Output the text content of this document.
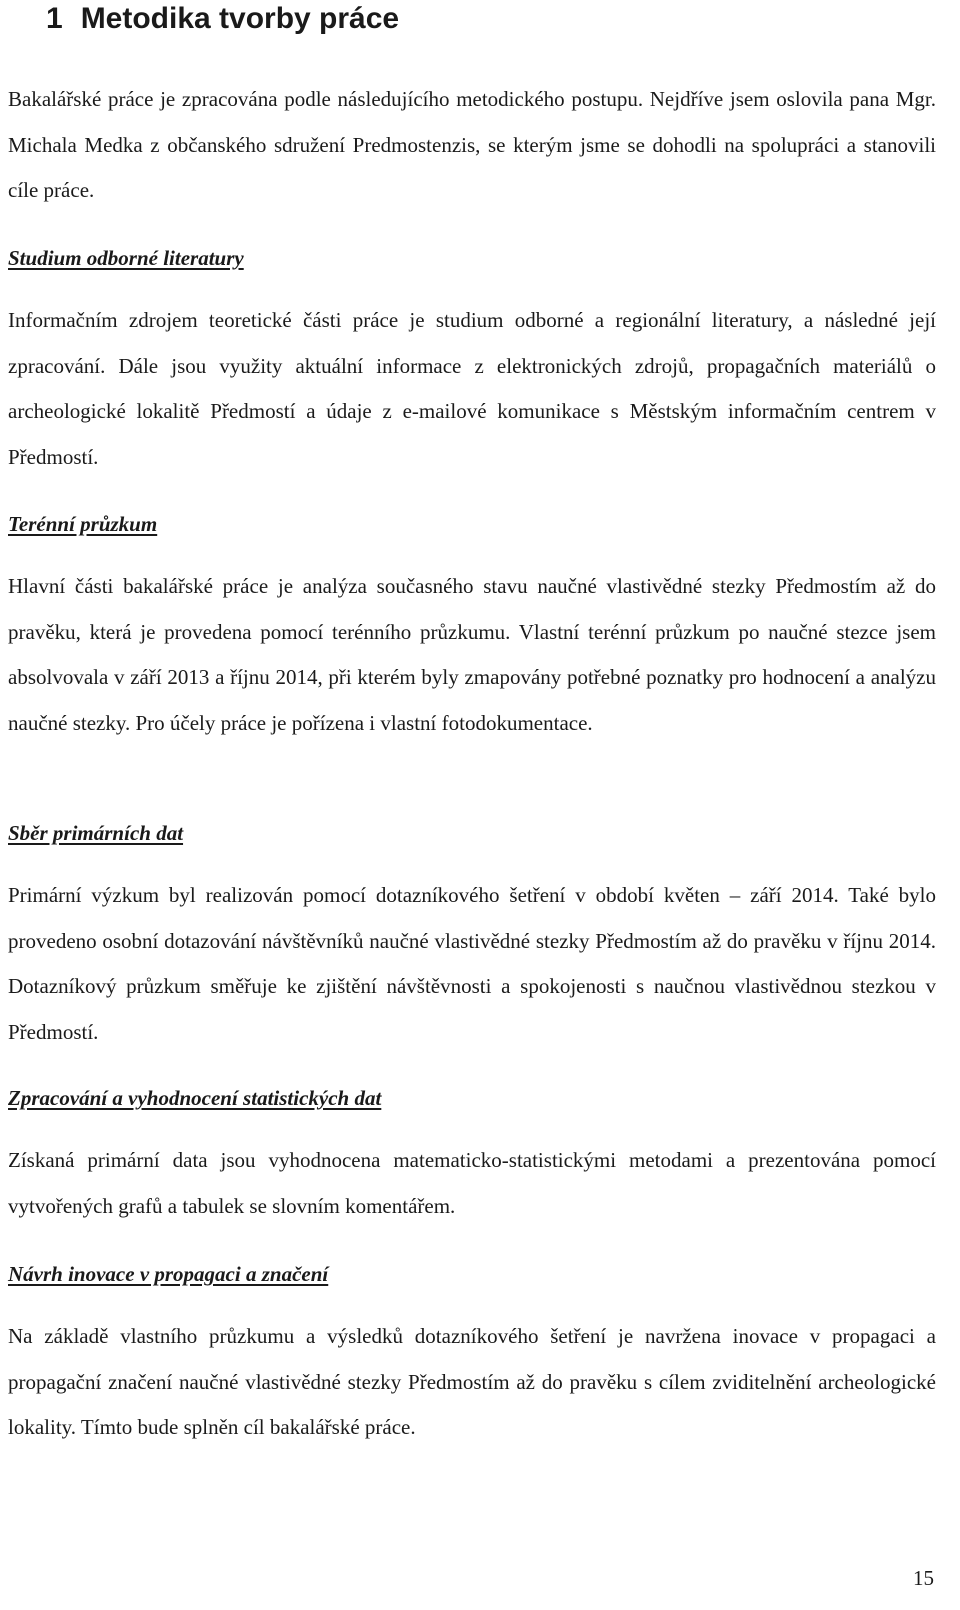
1 Metodika tvorby práce

Bakalářské práce je zpracována podle následujícího metodického postupu. Nejdříve jsem oslovila pana Mgr. Michala Medka z občanského sdružení Predmostenzis, se kterým jsme se dohodli na spolupráci a stanovili cíle práce.

Studium odborné literatury

Informačním zdrojem teoretické části práce je studium odborné a regionální literatury, a následné její zpracování. Dále jsou využity aktuální informace z elektronických zdrojů, propagačních materiálů o archeologické lokalitě Předmostí a údaje z e-mailové komunikace s Městským informačním centrem v Předmostí.

Terénní průzkum

Hlavní části bakalářské práce je analýza současného stavu naučné vlastivědné stezky Předmostím až do pravěku, která je provedena pomocí terénního průzkumu. Vlastní terénní průzkum po naučné stezce jsem absolvovala v září 2013 a říjnu 2014, při kterém byly zmapovány potřebné poznatky pro hodnocení a analýzu naučné stezky. Pro účely práce je pořízena i vlastní fotodokumentace.

Sběr primárních dat

Primární výzkum byl realizován pomocí dotazníkového šetření v období květen – září 2014. Také bylo provedeno osobní dotazování návštěvníků naučné vlastivědné stezky Předmostím až do pravěku v říjnu 2014. Dotazníkový průzkum směřuje ke zjištění návštěvnosti a spokojenosti s naučnou vlastivědnou stezkou v Předmostí.

Zpracování a vyhodnocení statistických dat

Získaná primární data jsou vyhodnocena matematicko-statistickými metodami a prezentována pomocí vytvořených grafů a tabulek se slovním komentářem.

Návrh inovace v propagaci a značení

Na základě vlastního průzkumu a výsledků dotazníkového šetření je navržena inovace v propagaci a propagační značení naučné vlastivědné stezky Předmostím až do pravěku s cílem zviditelnění archeologické lokality. Tímto bude splněn cíl bakalářské práce.

15
